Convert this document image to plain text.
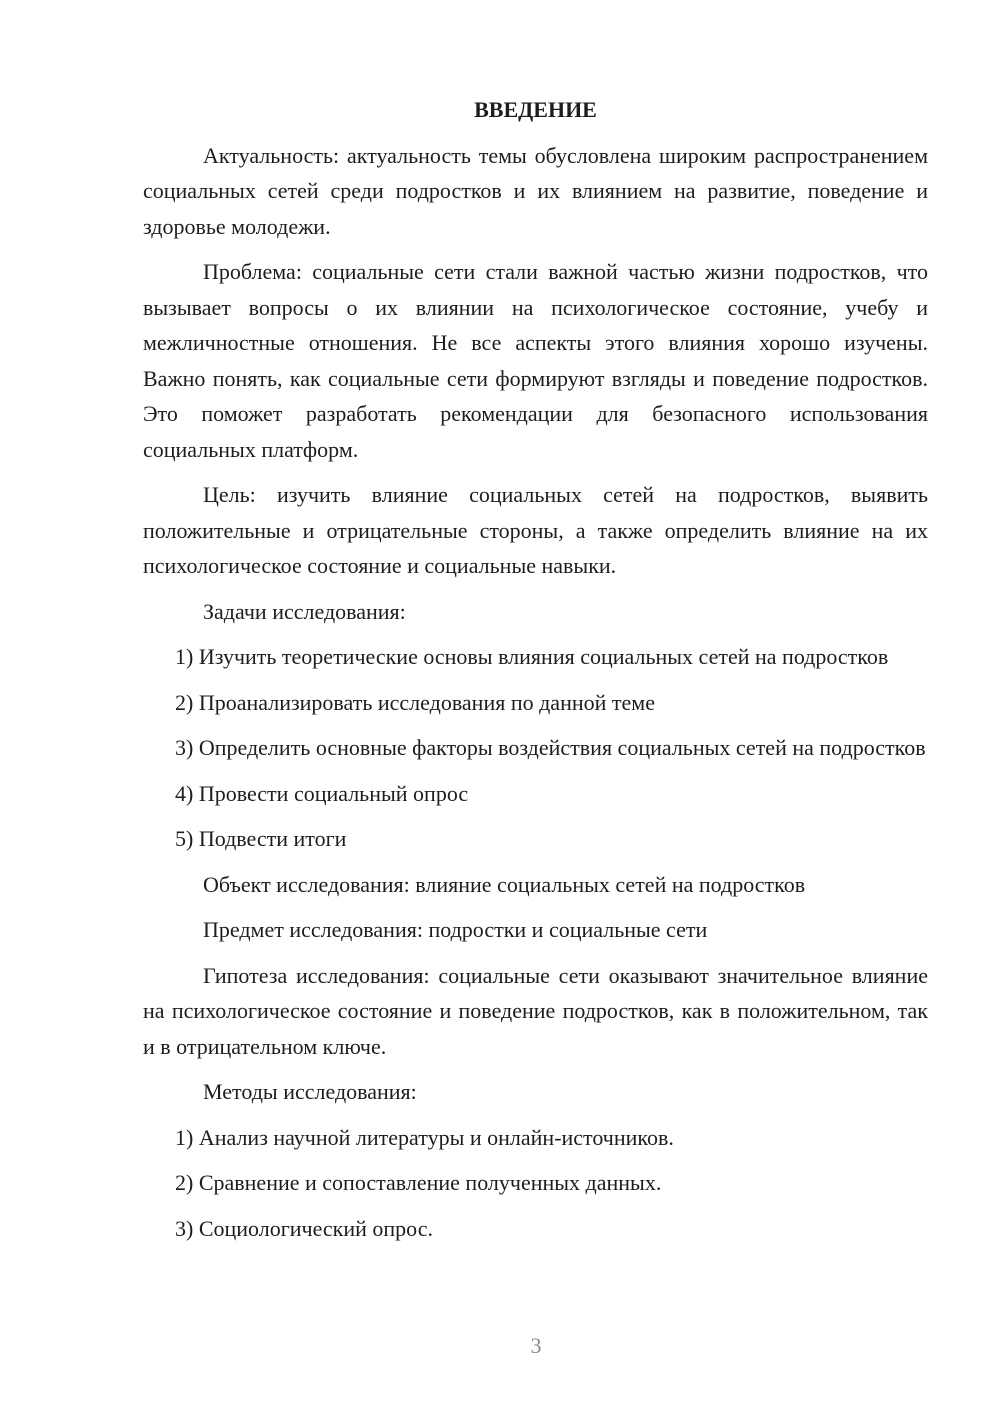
ВВЕДЕНИЕ

Актуальность: актуальность темы обусловлена широким распространением социальных сетей среди подростков и их влиянием на развитие, поведение и здоровье молодежи.

Проблема: социальные сети стали важной частью жизни подростков, что вызывает вопросы о их влиянии на психологическое состояние, учебу и межличностные отношения. Не все аспекты этого влияния хорошо изучены. Важно понять, как социальные сети формируют взгляды и поведение подростков. Это поможет разработать рекомендации для безопасного использования социальных платформ.

Цель: изучить влияние социальных сетей на подростков, выявить положительные и отрицательные стороны, а также определить влияние на их психологическое состояние и социальные навыки.

Задачи исследования:

1) Изучить теоретические основы влияния социальных сетей на подростков

2) Проанализировать исследования по данной теме

3) Определить основные факторы воздействия социальных сетей на подростков

4) Провести социальный опрос

5) Подвести итоги

Объект исследования: влияние социальных сетей на подростков

Предмет исследования: подростки и социальные сети

Гипотеза исследования: социальные сети оказывают значительное влияние на психологическое состояние и поведение подростков, как в положительном, так и в отрицательном ключе.

Методы исследования:

1) Анализ научной литературы и онлайн-источников.

2) Сравнение и сопоставление полученных данных.

3) Социологический опрос.

3
